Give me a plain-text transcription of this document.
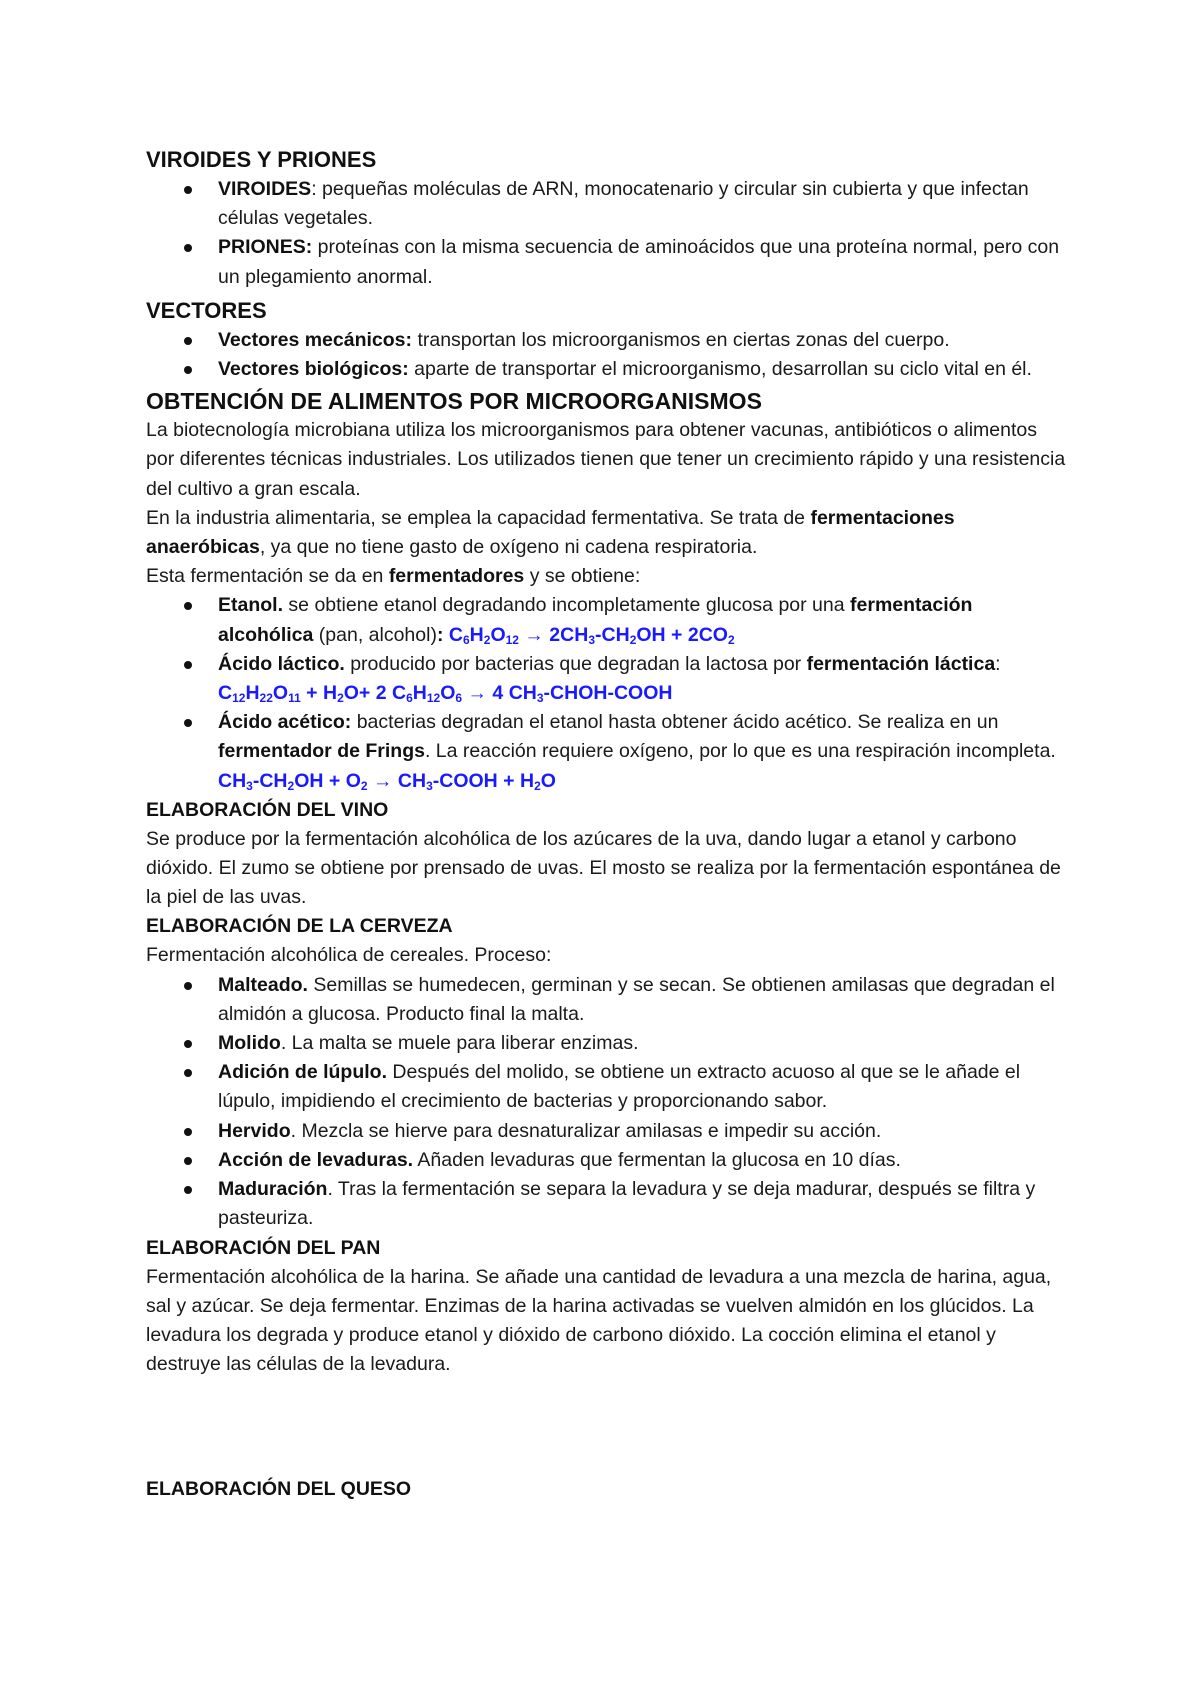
VIROIDES Y PRIONES
VIROIDES: pequeñas moléculas de ARN, monocatenario y circular sin cubierta y que infectan células vegetales.
PRIONES: proteínas con la misma secuencia de aminoácidos que una proteína normal, pero con un plegamiento anormal.
VECTORES
Vectores mecánicos: transportan los microorganismos en ciertas zonas del cuerpo.
Vectores biológicos: aparte de transportar el microorganismo, desarrollan su ciclo vital en él.
OBTENCIÓN DE ALIMENTOS POR MICROORGANISMOS

La biotecnología microbiana utiliza los microorganismos para obtener vacunas, antibióticos o alimentos por diferentes técnicas industriales. Los utilizados tienen que tener un crecimiento rápido y una resistencia del cultivo a gran escala.

En la industria alimentaria, se emplea la capacidad fermentativa. Se trata de fermentaciones anaeróbicas, ya que no tiene gasto de oxígeno ni cadena respiratoria.

Esta fermentación se da en fermentadores y se obtiene:

Etanol. se obtiene etanol degradando incompletamente glucosa por una fermentación alcohólica (pan, alcohol): $C_6H_2O_{12} \to 2CH_3-CH_2OH + 2CO_2$
Ácido láctico. producido por bacterias que degradan la lactosa por fermentación láctica: $C_{12}H_{22}O_{11} + H_2O+ 2$ $C_6H_{12}O_6 \to 4$ $CH_3-CHOH$-COOH
Ácido acético: bacterias degradan el etanol hasta obtener ácido acético. Se realiza en un fermentador de Frings. La reacción requiere oxígeno, por lo que es una respiración incompleta. $CH_3-CH_2OH + O_2$ → $CH_3$-COOH + $H_2O$
ELABORACIÓN DEL VINO

Se produce por la fermentación alcohólica de los azúcares de la uva, dando lugar a etanol y carbono dióxido. El zumo se obtiene por prensado de uvas. El mosto se realiza por la fermentación espontánea de la piel de las uvas.

ELABORACIÓN DE LA CERVEZA

Fermentación alcohólica de cereales. Proceso:

Malteado. Semillas se humedecen, germinan y se secan. Se obtienen amilasas que degradan el almidón a glucosa. Producto final la malta.
Molido. La malta se muele para liberar enzimas.
Adición de lúpulo. Después del molido, se obtiene un extracto acuoso al que se le añade el lúpulo, impidiendo el crecimiento de bacterias y proporcionando sabor.
Hervido. Mezcla se hierve para desnaturalizar amilasas e impedir su acción.
Acción de levaduras. Añaden levaduras que fermentan la glucosa en 10 días.
Maduración. Tras la fermentación se separa la levadura y se deja madurar, después se filtra y pasteuriza.
ELABORACIÓN DEL PAN

Fermentación alcohólica de la harina. Se añade una cantidad de levadura a una mezcla de harina, agua, sal y azúcar. Se deja fermentar. Enzimas de la harina activadas se vuelven almidón en los glúcidos. La levadura los degrada y produce etanol y dióxido de carbono dióxido. La cocción elimina el etanol y destruye las células de la levadura.

ELABORACIÓN DEL QUESO
